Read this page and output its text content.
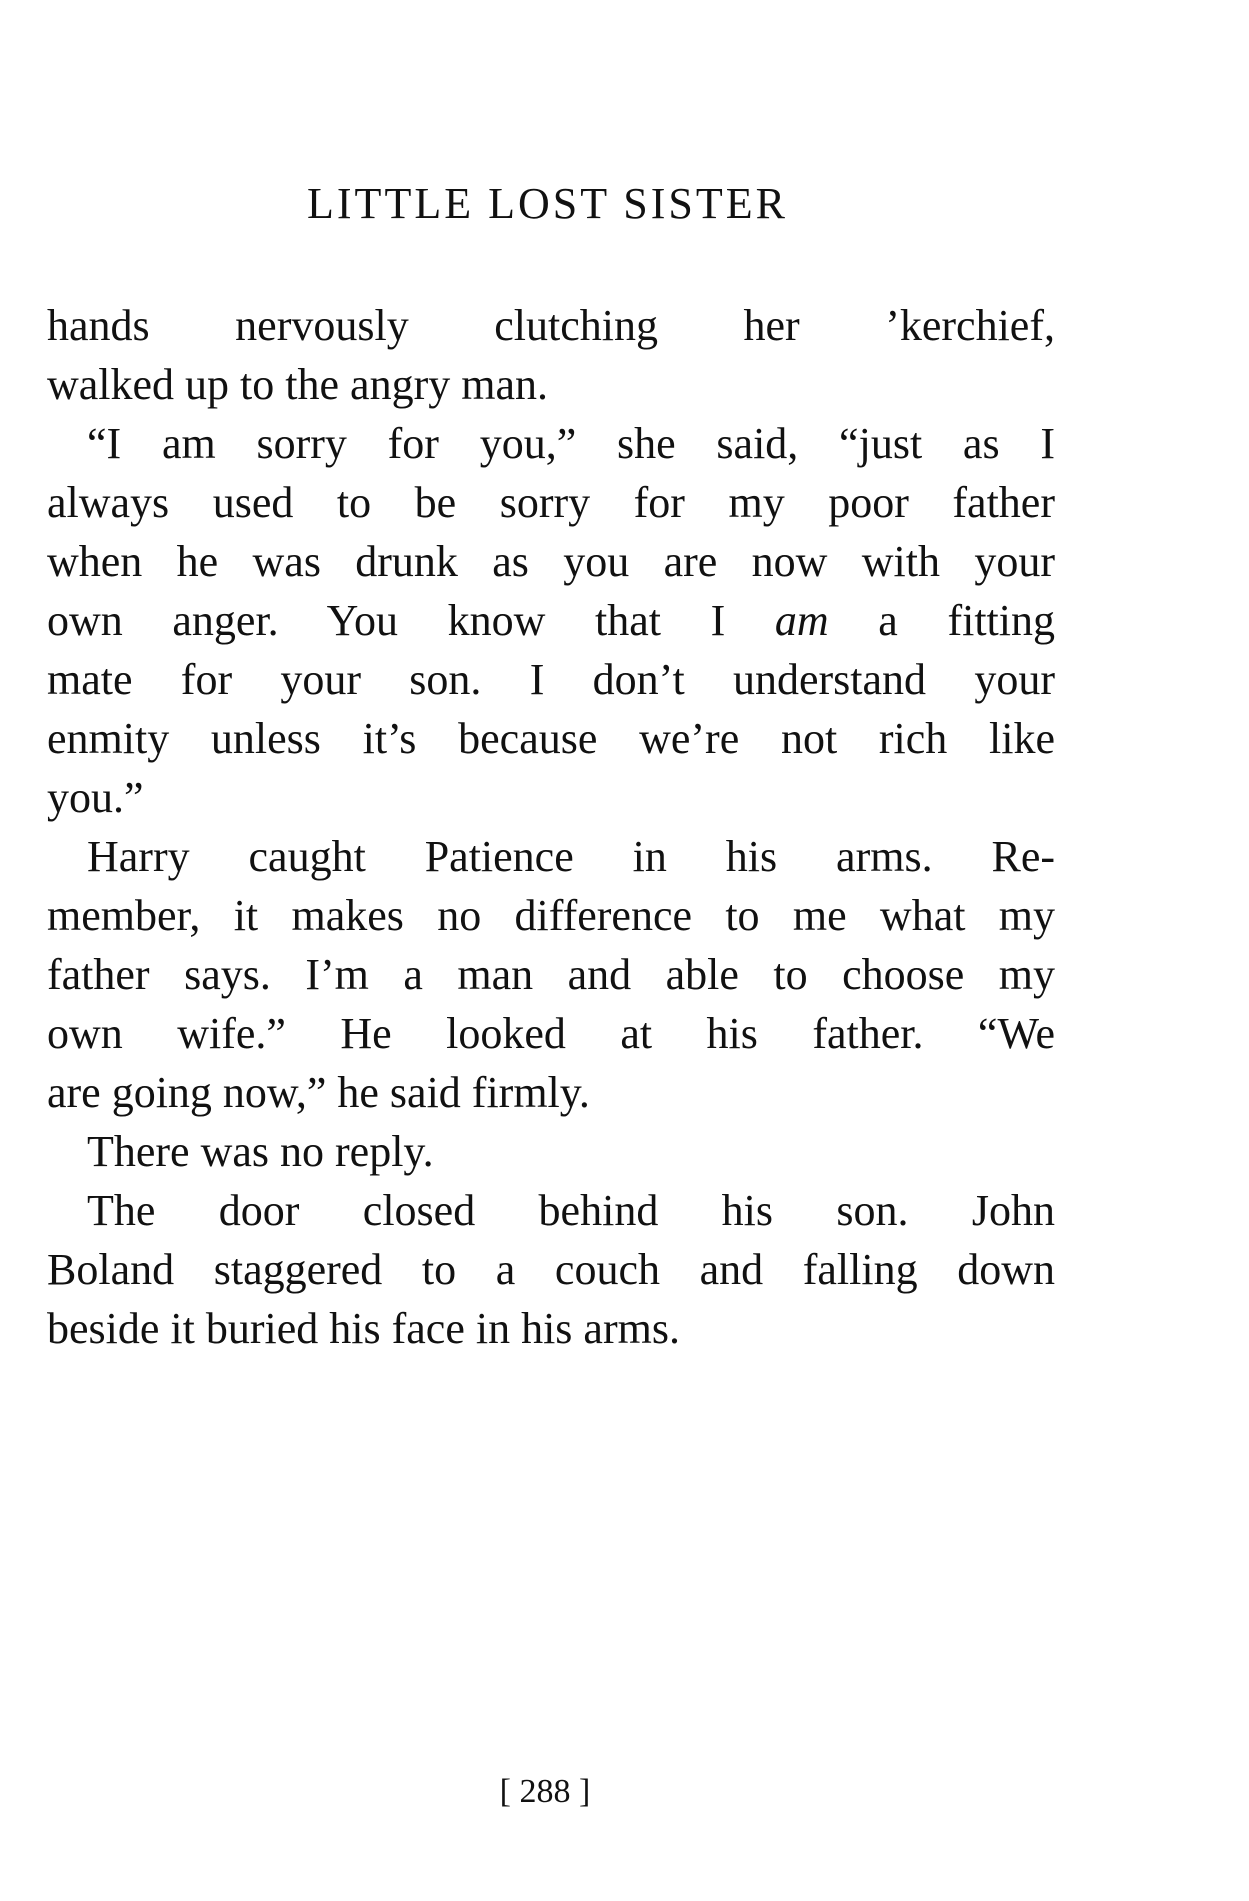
LITTLE LOST SISTER
hands nervously clutching her ’kerchief,
walked up to the angry man.
“I am sorry for you,” she said, “just as I
always used to be sorry for my poor father
when he was drunk as you are now with your
own anger. You know that I am a fitting
mate for your son. I don’t understand your
enmity unless it’s because we’re not rich like
you.”
Harry caught Patience in his arms. Re-
member, it makes no difference to me what my
father says. I’m a man and able to choose my
own wife.” He looked at his father. “We
are going now,” he said firmly.
There was no reply.
The door closed behind his son. John
Boland staggered to a couch and falling down
beside it buried his face in his arms.

[ 288 ]
